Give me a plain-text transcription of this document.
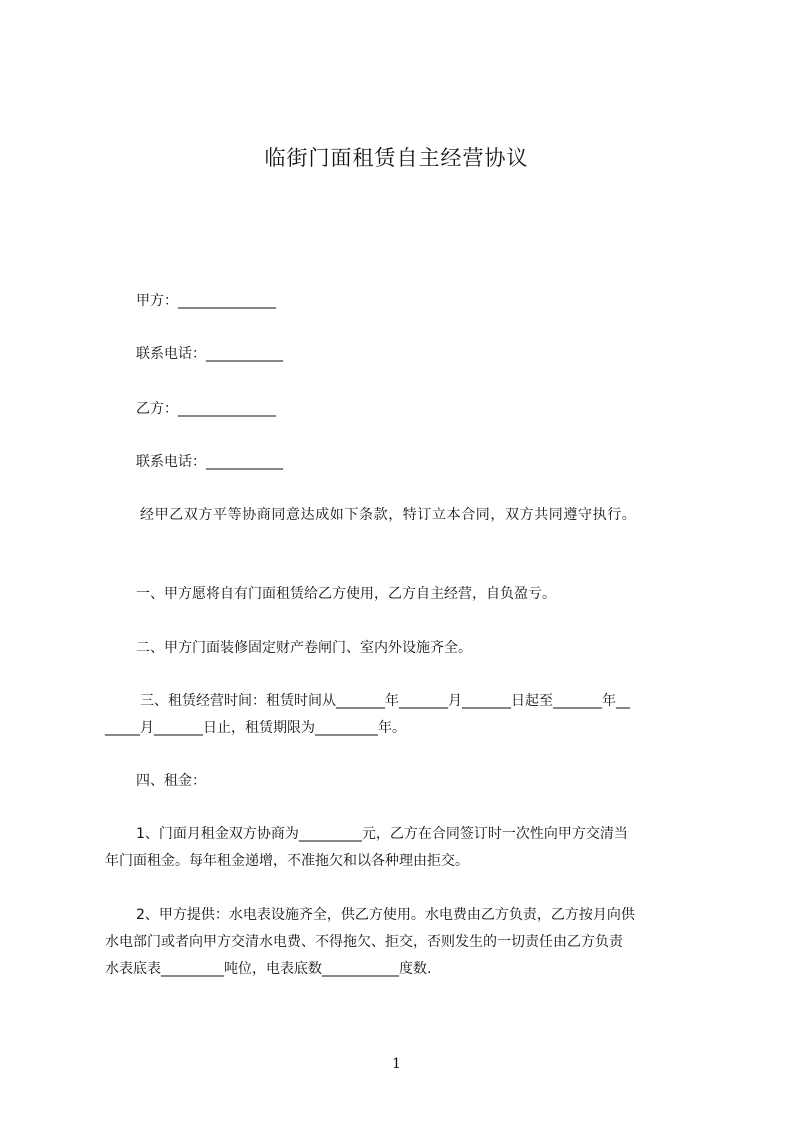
临街门面租赁自主经营协议
甲方：______________
联系电话：___________
乙方：______________
联系电话：___________
经甲乙双方平等协商同意达成如下条款，特订立本合同，双方共同遵守执行。
一、甲方愿将自有门面租赁给乙方使用，乙方自主经营，自负盈亏。
二、甲方门面装修固定财产卷闸门、室内外设施齐全。
三、租赁经营时间：租赁时间从_______年_______月_______日起至_______年__
_____月_______日止，租赁期限为_________年。
四、租金：
1、门面月租金双方协商为_________元，乙方在合同签订时一次性向甲方交清当
年门面租金。每年租金递增，不准拖欠和以各种理由拒交。
2、甲方提供：水电表设施齐全，供乙方使用。水电费由乙方负责，乙方按月向供
水电部门或者向甲方交清水电费、不得拖欠、拒交，否则发生的一切责任由乙方负责
水表底表_________吨位，电表底数___________度数.
1
